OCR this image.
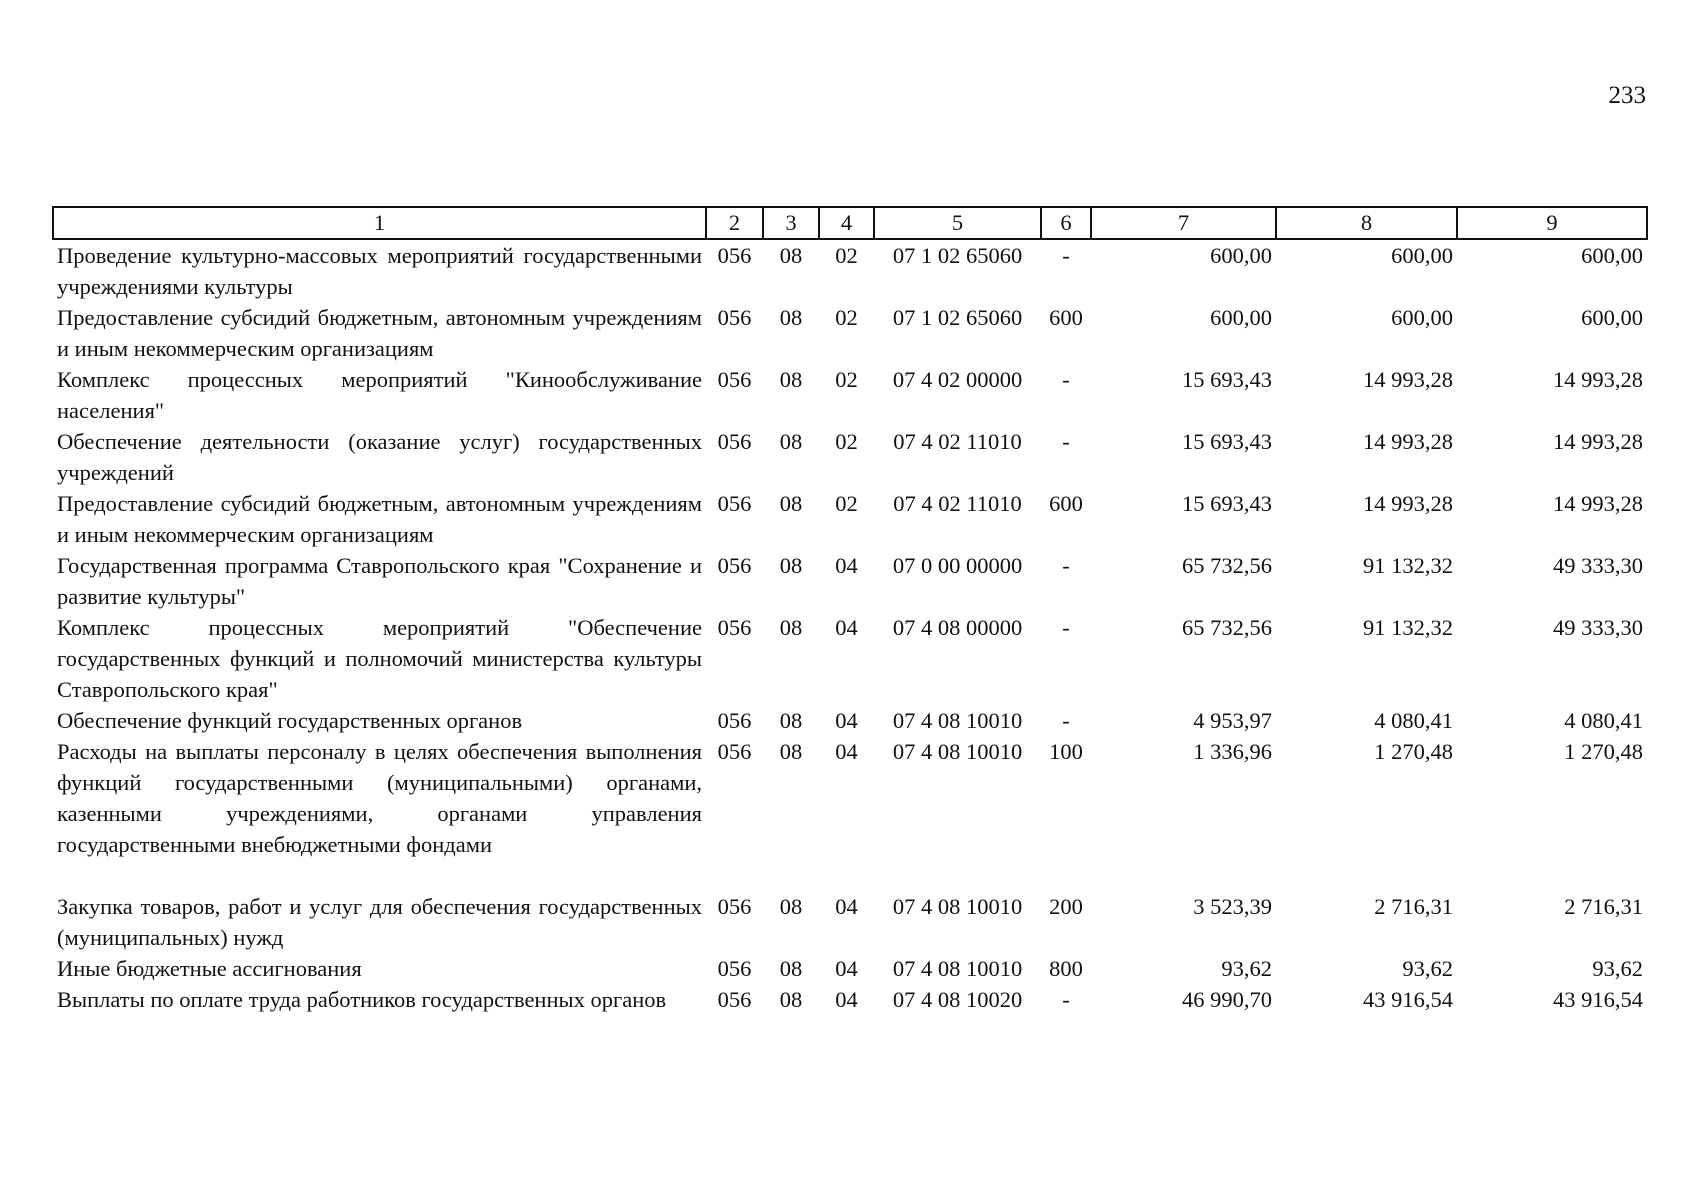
233
1	2	3	4	5	6	7	8	9
Проведение культурно-массовых мероприятий государственными учреждениями культуры	056	08	02	07 1 02 65060	-	600,00	600,00	600,00
Предоставление субсидий бюджетным, автономным учреждениям и иным некоммерческим организациям	056	08	02	07 1 02 65060	600	600,00	600,00	600,00
Комплекс процессных мероприятий "Кинообслуживание населения"	056	08	02	07 4 02 00000	-	15 693,43	14 993,28	14 993,28
Обеспечение деятельности (оказание услуг) государственных учреждений	056	08	02	07 4 02 11010	-	15 693,43	14 993,28	14 993,28
Предоставление субсидий бюджетным, автономным учреждениям и иным некоммерческим организациям	056	08	02	07 4 02 11010	600	15 693,43	14 993,28	14 993,28
Государственная программа Ставропольского края "Сохранение и развитие культуры"	056	08	04	07 0 00 00000	-	65 732,56	91 132,32	49 333,30
Комплекс процессных мероприятий "Обеспечение государственных функций и полномочий министерства культуры Ставропольского края"	056	08	04	07 4 08 00000	-	65 732,56	91 132,32	49 333,30
Обеспечение функций государственных органов	056	08	04	07 4 08 10010	-	4 953,97	4 080,41	4 080,41
Расходы на выплаты персоналу в целях обеспечения выполнения функций государственными (муниципальными) органами, казенными учреждениями, органами управления государственными внебюджетными фондами	056	08	04	07 4 08 10010	100	1 336,96	1 270,48	1 270,48
Закупка товаров, работ и услуг для обеспечения государственных (муниципальных) нужд	056	08	04	07 4 08 10010	200	3 523,39	2 716,31	2 716,31
Иные бюджетные ассигнования	056	08	04	07 4 08 10010	800	93,62	93,62	93,62
Выплаты по оплате труда работников государственных органов	056	08	04	07 4 08 10020	-	46 990,70	43 916,54	43 916,54
